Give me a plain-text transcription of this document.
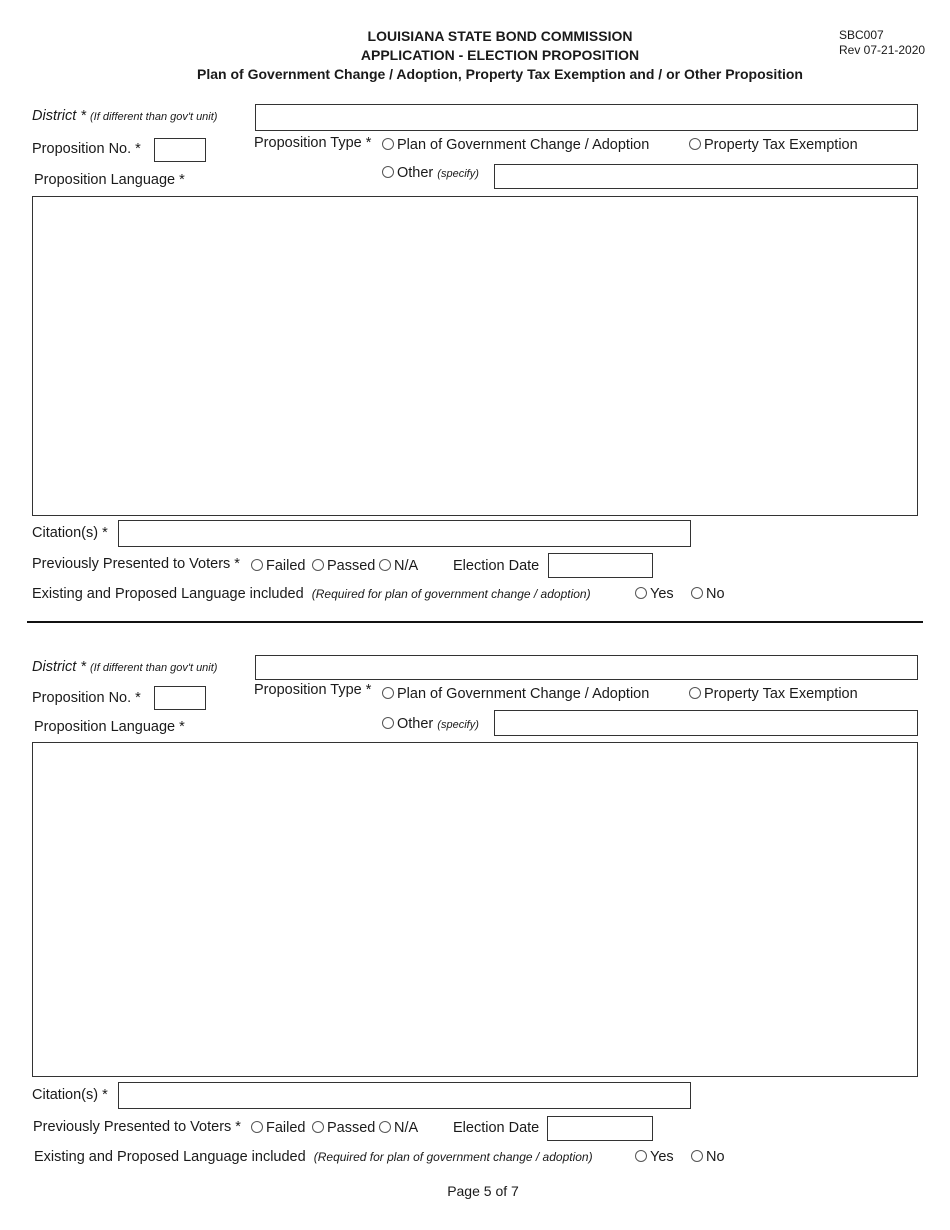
LOUISIANA STATE BOND COMMISSION
APPLICATION - ELECTION PROPOSITION
Plan of Government Change / Adoption, Property Tax Exemption and / or Other Proposition
SBC007
Rev 07-21-2020
District * (If different than gov't unit)
Proposition No. *	Proposition Type *	Plan of Government Change / Adoption	Property Tax Exemption
Other (specify)
Proposition Language *
Citation(s) *
Previously Presented to Voters *	Failed	Passed	N/A Election Date
Existing and Proposed Language included (Required for plan of government change / adoption)	Yes	No
District * (If different than gov't unit)
Proposition No. *	Proposition Type *	Plan of Government Change / Adoption	Property Tax Exemption
Other (specify)
Proposition Language *
Citation(s) *
Previously Presented to Voters *	Failed	Passed	N/A Election Date
Existing and Proposed Language included (Required for plan of government change / adoption)	Yes	No
Page 5 of 7
